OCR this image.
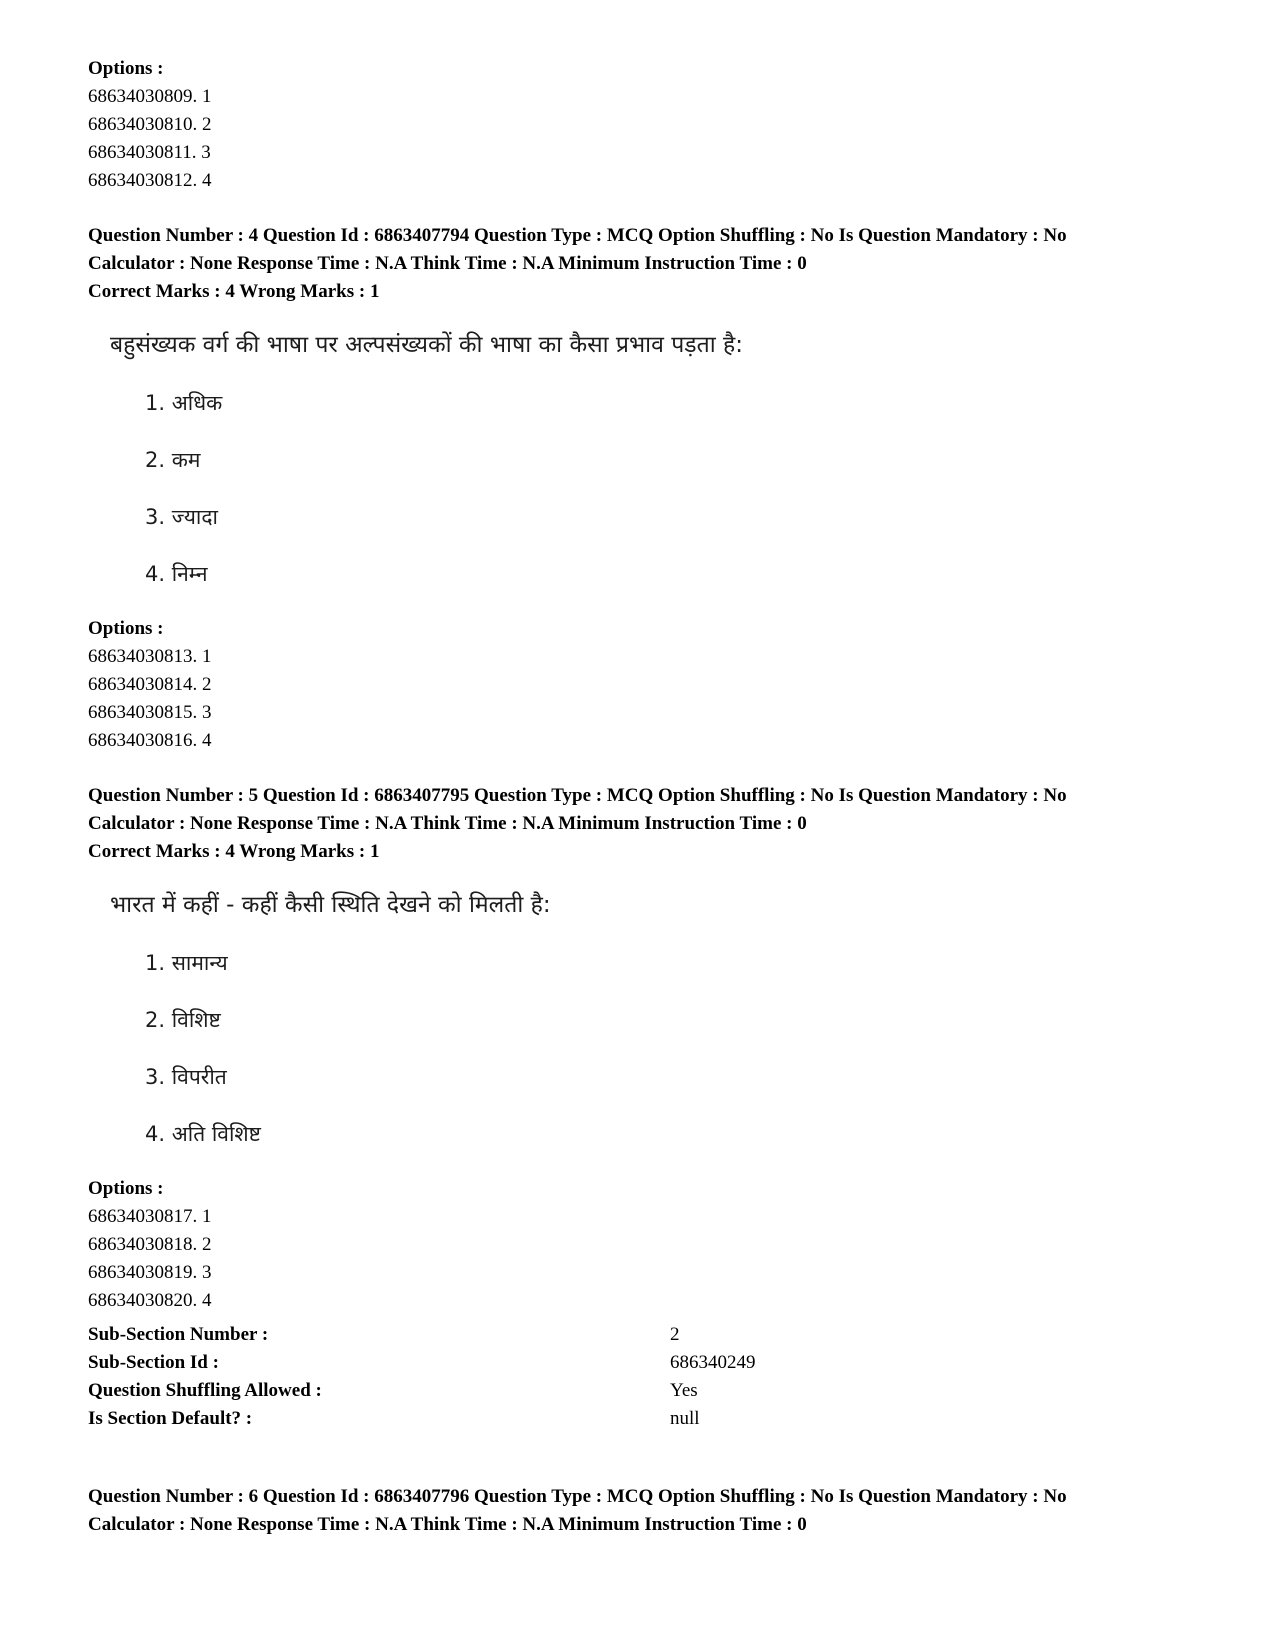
Options :

68634030809. 1

68634030810. 2

68634030811. 3

68634030812. 4

Question Number : 4 Question Id : 6863407794 Question Type : MCQ Option Shuffling : No Is Question Mandatory : No

Calculator : None Response Time : N.A Think Time : N.A Minimum Instruction Time : 0

Correct Marks : 4 Wrong Marks : 1

बहुसंख्यक वर्ग की भाषा पर अल्पसंख्यकों की भाषा का कैसा प्रभाव पड़ता है:

1. अधिक

2. कम

3. ज्यादा

4. निम्न

Options :

68634030813. 1

68634030814. 2

68634030815. 3

68634030816. 4

Question Number : 5 Question Id : 6863407795 Question Type : MCQ Option Shuffling : No Is Question Mandatory : No

Calculator : None Response Time : N.A Think Time : N.A Minimum Instruction Time : 0

Correct Marks : 4 Wrong Marks : 1

भारत में कहीं - कहीं कैसी स्थिति देखने को मिलती है:

1. सामान्य

2. विशिष्ट

3. विपरीत

4. अति विशिष्ट

Options :

68634030817. 1

68634030818. 2

68634030819. 3

68634030820. 4

Sub-Section Number :	2
Sub-Section Id :	686340249
Question Shuffling Allowed :	Yes
Is Section Default? :	null

Question Number : 6 Question Id : 6863407796 Question Type : MCQ Option Shuffling : No Is Question Mandatory : No

Calculator : None Response Time : N.A Think Time : N.A Minimum Instruction Time : 0
